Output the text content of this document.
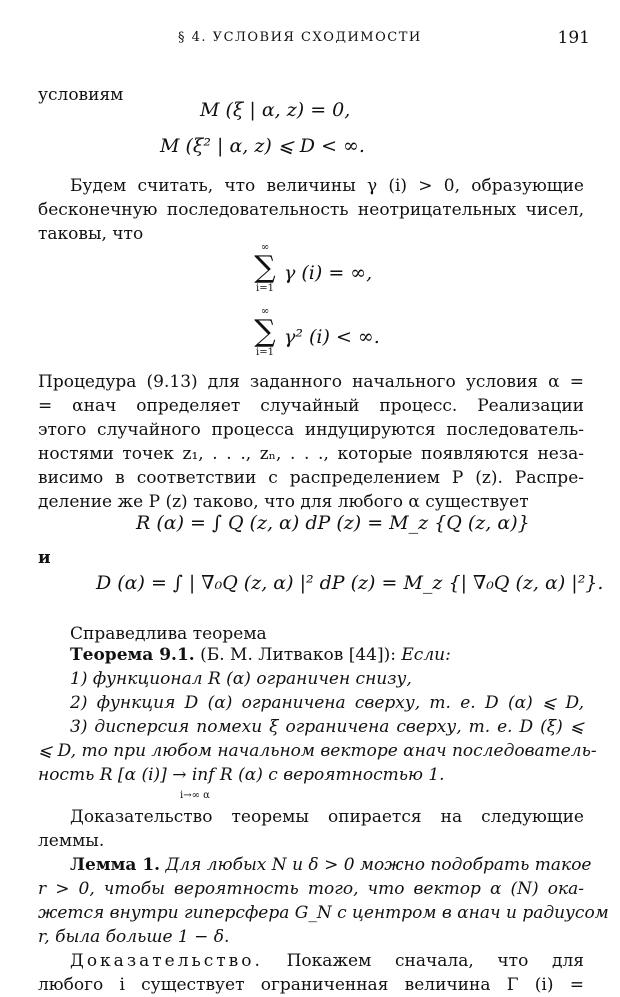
§ 4. УСЛОВИЯ СХОДИМОСТИ	191
условиям
M (ξ | α, z) = 0,
M (ξ² | α, z) ⩽ D < ∞.
Будем считать, что величины γ (i) > 0, образующие
бесконечную последовательность неотрицательных чисел,
таковы, что
∞
∑
i=1
γ (i) = ∞,
∞
∑
i=1
γ² (i) < ∞.
Процедура (9.13) для заданного начального условия α =
= αнач определяет случайный процесс. Реализации
этого случайного процесса индуцируются последователь-
ностями точек z₁, . . ., zₙ, . . ., которые появляются неза-
висимо в соответствии с распределением P (z). Распре-
деление же P (z) таково, что для любого α существует
R (α) = ∫ Q (z, α) dP (z) = M_z {Q (z, α)}
и
D (α) = ∫ | ∇₀Q (z, α) |² dP (z) = M_z {| ∇₀Q (z, α) |²}.
Справедлива теорема
Теорема 9.1. (Б. М. Литваков [44]): Если:
1) функционал R (α) ограничен снизу,
2) функция D (α) ограничена сверху, т. е. D (α) ⩽ D,
3) дисперсия помехи ξ ограничена сверху, т. е. D (ξ) ⩽
⩽ D, то при любом начальном векторе αнач последователь-
ность R [α (i)] → inf R (α) с вероятностью 1.
i→∞ α
Доказательство теоремы опирается на следующие
леммы.
Лемма 1. Для любых N и δ > 0 можно подобрать такое
r > 0, чтобы вероятность того, что вектор α (N) ока-
жется внутри гиперсфера G_N с центром в αнач и радиусом
r, была больше 1 − δ.
Доказательство. Покажем сначала, что для
любого i существует ограниченная величина Γ (i) =
